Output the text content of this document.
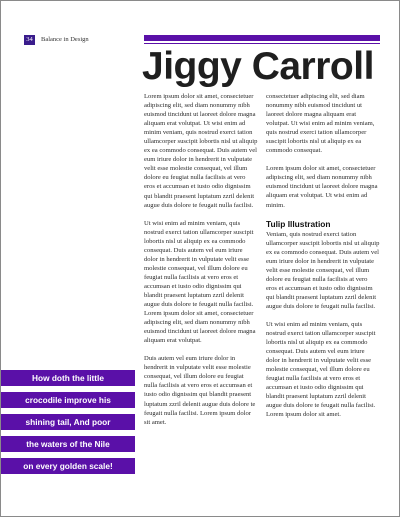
34	Balance in Design
Jiggy Carroll

Lorem ipsum dolor sit amet, consectetuer adipiscing elit, sed diam nonummy nibh euismod tincidunt ut laoreet dolore magna aliquam erat volutpat. Ut wisi enim ad minim veniam, quis nostrud exerci tation ullamcorper suscipit lobortis nisl ut aliquip ex ea commodo consequat. Duis autem vel eum iriure dolor in hendrerit in vulputate velit esse molestie consequat, vel illum dolore eu feugiat nulla facilisis at vero eros et accumsan et iusto odio dignissim qui blandit praesent luptatum zzril delenit augue duis dolore te feugait nulla facilisi.

Ut wisi enim ad minim veniam, quis nostrud exerci tation ullamcorper suscipit lobortis nisl ut aliquip ex ea commodo consequat. Duis autem vel eum iriure dolor in hendrerit in vulputate velit esse molestie consequat, vel illum dolore eu feugiat nulla facilisis at vero eros et accumsan et iusto odio dignissim qui blandit praesent luptatum zzril delenit augue duis dolore te feugait nulla facilisi. Lorem ipsum dolor sit amet, consectetuer adipiscing elit, sed diam nonummy nibh euismod tincidunt ut laoreet dolore magna aliquam erat volutpat.

Duis autem vel eum iriure dolor in hendrerit in vulputate velit esse molestie consequat, vel illum dolore eu feugiat nulla facilisis at vero eros et accumsan et iusto odio dignissim qui blandit praesent luptatum zzril delenit augue duis dolore te feugait nulla facilisi. Lorem ipsum dolor sit amet.

consectetuer adipiscing elit, sed diam nonummy nibh euismod tincidunt ut laoreet dolore magna aliquam erat volutpat. Ut wisi enim ad minim veniam, quis nostrud exerci tation ullamcorper suscipit lobortis nisl ut aliquip ex ea commodo consequat.

Lorem ipsum dolor sit amet, consectetuer adipiscing elit, sed diam nonummy nibh euismod tincidunt ut laoreet dolore magna aliquam erat volutpat. Ut wisi enim ad minim.

Tulip Illustration

Veniam, quis nostrud exerci tation ullamcorper suscipit lobortis nisl ut aliquip ex ea commodo consequat. Duis autem vel eum iriure dolor in hendrerit in vulputate velit esse molestie consequat, vel illum dolore eu feugiat nulla facilisis at vero eros et accumsan et iusto odio dignissim qui blandit praesent luptatum zzril delenit augue duis dolore te feugait nulla facilisi.

Ut wisi enim ad minim veniam, quis nostrud exerci tation ullamcorper suscipit lobortis nisl ut aliquip ex ea commodo consequat. Duis autem vel eum iriure dolor in hendrerit in vulputate velit esse molestie consequat, vel illum dolore eu feugiat nulla facilisis at vero eros et accumsan et iusto odio dignissim qui blandit praesent luptatum zzril delenit augue duis dolore te feugait nulla facilisi. Lorem ipsum dolor sit amet.

How doth the little
crocodile improve his
shining tail, And poor
the waters of the Nile
on every golden scale!
